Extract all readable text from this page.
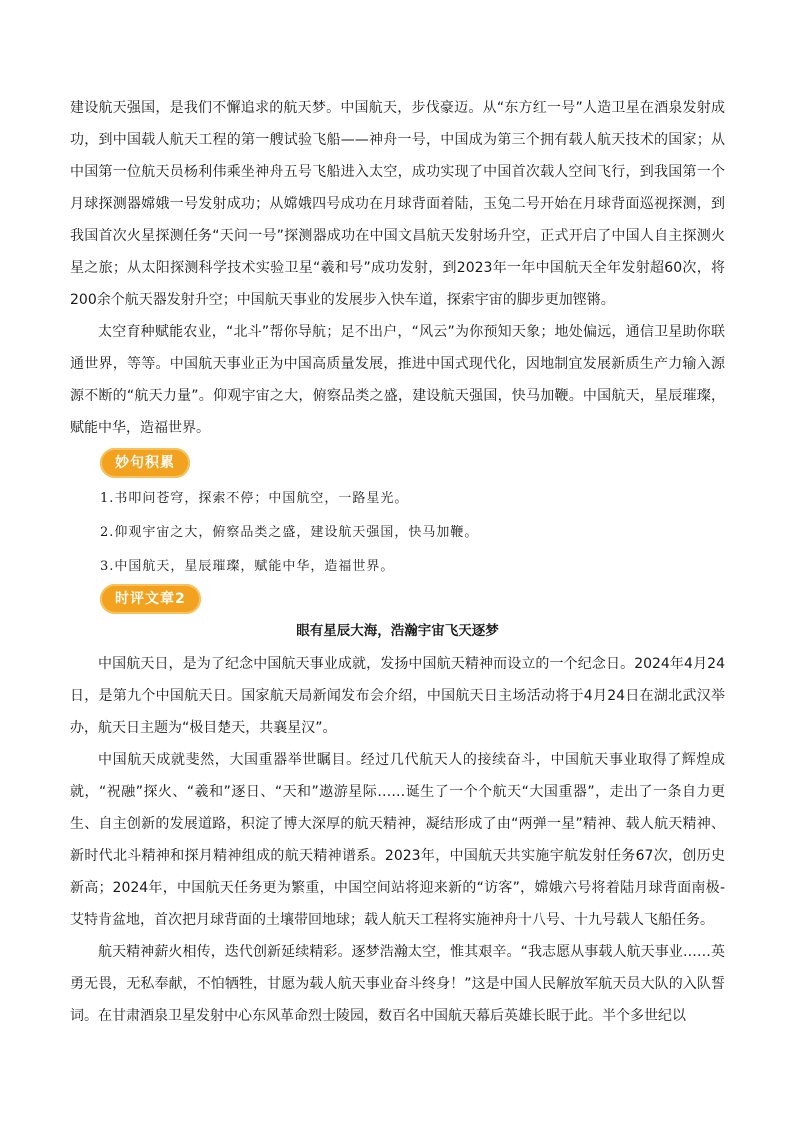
建设航天强国，是我们不懈追求的航天梦。中国航天，步伐豪迈。从“东方红一号”人造卫星在酒泉发射成功，到中国载人航天工程的第一艘试验飞船——神舟一号，中国成为第三个拥有载人航天技术的国家；从中国第一位航天员杨利伟乘坐神舟五号飞船进入太空，成功实现了中国首次载人空间飞行，到我国第一个月球探测器嫦娥一号发射成功；从嫦娥四号成功在月球背面着陆，玉兔二号开始在月球背面巡视探测，到我国首次火星探测任务“天问一号”探测器成功在中国文昌航天发射场升空，正式开启了中国人自主探测火星之旅；从太阳探测科学技术实验卫星“羲和号”成功发射，到2023年一年中国航天全年发射超60次，将200余个航天器发射升空；中国航天事业的发展步入快车道，探索宇宙的脚步更加铿锵。

太空育种赋能农业，“北斗”帮你导航；足不出户，“风云”为你预知天象；地处偏远，通信卫星助你联通世界，等等。中国航天事业正为中国高质量发展，推进中国式现代化，因地制宜发展新质生产力输入源源不断的“航天力量”。仰观宇宙之大，俯察品类之盛，建设航天强国，快马加鞭。中国航天，星辰璀璨，赋能中华，造福世界。

妙句积累

1.书叩问苍穹，探索不停；中国航空，一路星光。

2.仰观宇宙之大，俯察品类之盛，建设航天强国，快马加鞭。

3.中国航天，星辰璀璨，赋能中华，造福世界。

时评文章2

眼有星辰大海，浩瀚宇宙飞天逐梦

中国航天日，是为了纪念中国航天事业成就，发扬中国航天精神而设立的一个纪念日。2024年4月24日，是第九个中国航天日。国家航天局新闻发布会介绍，中国航天日主场活动将于4月24日在湖北武汉举办，航天日主题为“极目楚天，共襄星汉”。

中国航天成就斐然，大国重器举世瞩目。经过几代航天人的接续奋斗，中国航天事业取得了辉煌成就，“祝融”探火、“羲和”逐日、“天和”遨游星际……诞生了一个个航天“大国重器”，走出了一条自力更生、自主创新的发展道路，积淀了博大深厚的航天精神，凝结形成了由“两弹一星”精神、载人航天精神、新时代北斗精神和探月精神组成的航天精神谱系。2023年，中国航天共实施宇航发射任务67次，创历史新高；2024年，中国航天任务更为繁重，中国空间站将迎来新的“访客”，嫦娥六号将着陆月球背面南极-艾特肯盆地，首次把月球背面的土壤带回地球；载人航天工程将实施神舟十八号、十九号载人飞船任务。

航天精神薪火相传，迭代创新延续精彩。逐梦浩瀚太空，惟其艰辛。“我志愿从事载人航天事业……英勇无畏，无私奉献，不怕牺牲，甘愿为载人航天事业奋斗终身！”这是中国人民解放军航天员大队的入队誓词。在甘肃酒泉卫星发射中心东风革命烈士陵园，数百名中国航天幕后英雄长眠于此。半个多世纪以
